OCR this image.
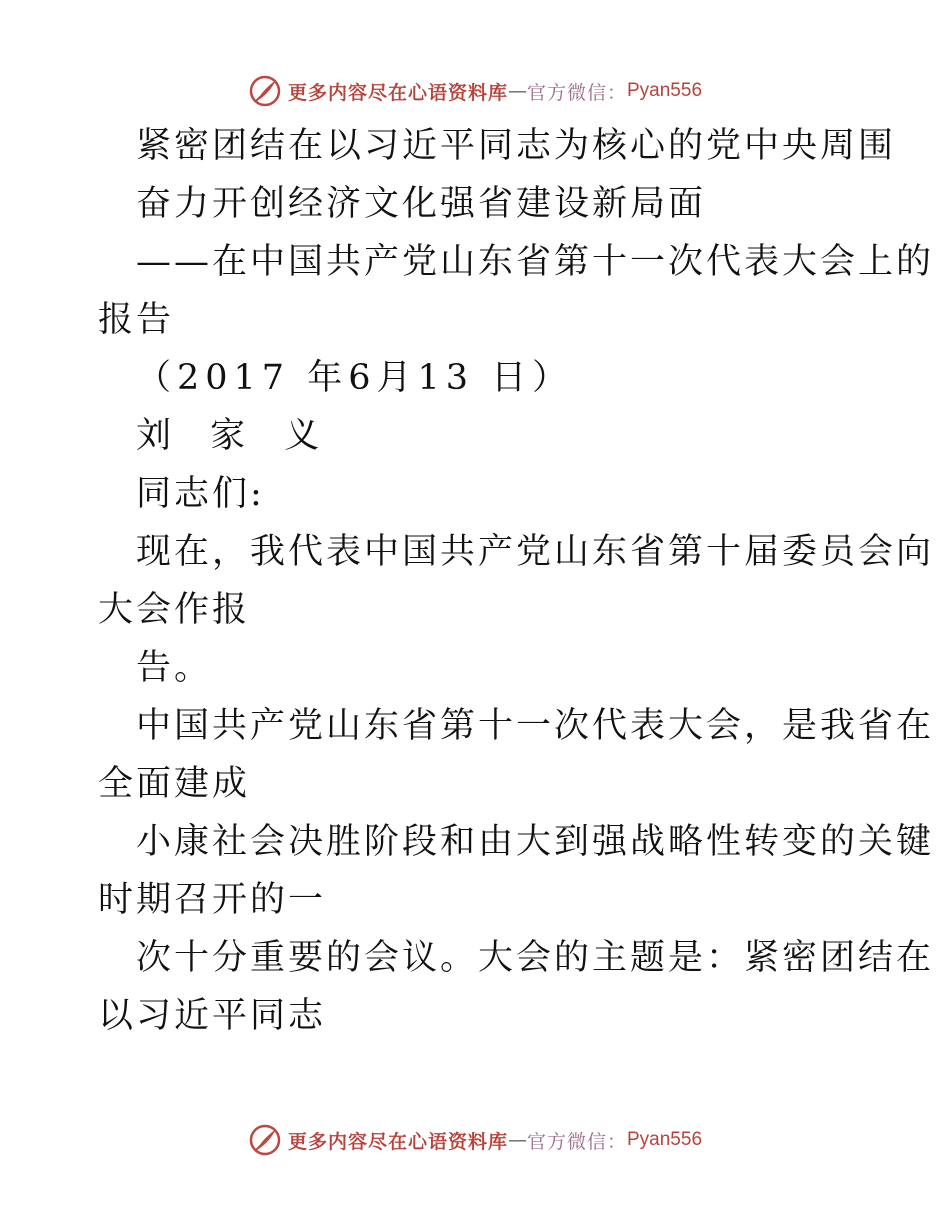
更多内容尽在心语资料库 — 官方微信： Pyan556
紧密团结在以习近平同志为核心的党中央周围
奋力开创经济文化强省建设新局面
——在中国共产党山东省第十一次代表大会上的
报告
（2017 年6月13 日）
刘 家 义
同志们:
现在，我代表中国共产党山东省第十届委员会向
大会作报
告。
中国共产党山东省第十一次代表大会，是我省在
全面建成
小康社会决胜阶段和由大到强战略性转变的关键
时期召开的一
次十分重要的会议。大会的主题是：紧密团结在
以习近平同志
更多内容尽在心语资料库 — 官方微信： Pyan556
